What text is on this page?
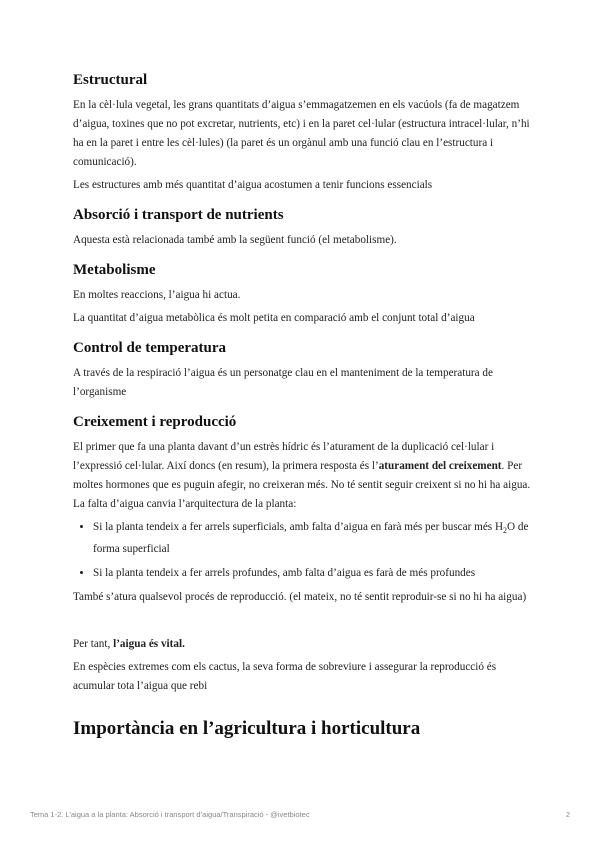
Estructural

En la cèl·lula vegetal, les grans quantitats d’aigua s’emmagatzemen en els vacúols (fa de magatzem d’aigua, toxines que no pot excretar, nutrients, etc) i en la paret cel·lular (estructura intracel·lular, n’hi ha en la paret i entre les cèl·lules) (la paret és un orgànul amb una funció clau en l’estructura i comunicació).

Les estructures amb més quantitat d’aigua acostumen a tenir funcions essencials

Absorció i transport de nutrients

Aquesta està relacionada també amb la següent funció (el metabolisme).

Metabolisme

En moltes reaccions, l’aigua hi actua.

La quantitat d’aigua metabòlica és molt petita en comparació amb el conjunt total d’aigua

Control de temperatura

A través de la respiració l’aigua és un personatge clau en el manteniment de la temperatura de l’organisme

Creixement i reproducció

El primer que fa una planta davant d’un estrès hídric és l’aturament de la duplicació cel·lular i l’expressió cel·lular. Així doncs (en resum), la primera resposta és l’aturament del creixement. Per moltes hormones que es puguin afegir, no creixeran més. No té sentit seguir creixent si no hi ha aigua. La falta d’aigua canvia l’arquitectura de la planta:

• Si la planta tendeix a fer arrels superficials, amb falta d’aigua en farà més per buscar més $H_2O$ de forma superficial
• Si la planta tendeix a fer arrels profundes, amb falta d’aigua es farà de més profundes

També s’atura qualsevol procés de reproducció. (el mateix, no té sentit reproduir-se si no hi ha aigua)

Per tant, l’aigua és vital.

En espècies extremes com els cactus, la seva forma de sobreviure i assegurar la reproducció és acumular tota l’aigua que rebi

Importància en l’agricultura i horticultura
Tema 1-2. L’aigua a la planta: Absorció i transport d’aigua/Transpiració - @ivetbiotec	2
